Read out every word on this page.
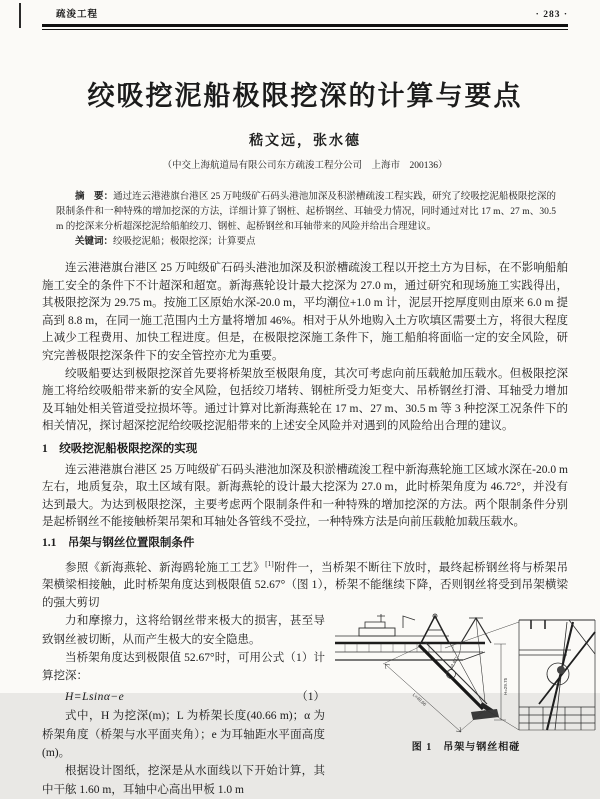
疏浚工程	· 283 ·
绞吸挖泥船极限挖深的计算与要点
嵇文远，张水德
（中交上海航道局有限公司东方疏浚工程分公司　上海市　200136）

摘　要：通过连云港港旗台港区 25 万吨级矿石码头港池加深及积淤槽疏浚工程实践，研究了绞吸挖泥船极限挖深的限制条件和一种特殊的增加挖深的方法，详细计算了钢桩、起桥钢丝、耳轴受力情况，同时通过对比 17 m、27 m、30.5 m 的挖深来分析超深挖泥给船舶绞刀、钢桩、起桥钢丝和耳轴带来的风险并给出合理建议。

关键词：绞吸挖泥船；极限挖深；计算要点

连云港港旗台港区 25 万吨级矿石码头港池加深及积淤槽疏浚工程以开挖土方为目标，在不影响船舶施工安全的条件下不计超深和超宽。新海燕轮设计最大挖深为 27.0 m，通过研究和现场施工实践得出，其极限挖深为 29.75 m。按施工区原始水深-20.0 m，平均潮位+1.0 m 计，泥层开挖厚度则由原来 6.0 m 提高到 8.8 m，在同一施工范围内土方量将增加 46%。相对于从外地购入土方吹填区需要土方，将很大程度上减少工程费用、加快工程进度。但是，在极限挖深施工条件下，施工船舶将面临一定的安全风险，研究完善极限挖深条件下的安全管控亦尤为重要。

绞吸船要达到极限挖深首先要将桥架放至极限角度，其次可考虑向前压载舱加压载水。但极限挖深施工将给绞吸船带来新的安全风险，包括绞刀堵转、钢桩所受力矩变大、吊桥钢丝打滑、耳轴受力增加及耳轴处相关管道受拉损坏等。通过计算对比新海燕轮在 17 m、27 m、30.5 m 等 3 种挖深工况条件下的相关情况，探讨超深挖泥给绞吸挖泥船带来的上述安全风险并对遇到的风险给出合理的建议。

1　绞吸挖泥船极限挖深的实现

连云港港旗台港区 25 万吨级矿石码头港池加深及积淤槽疏浚工程中新海燕轮施工区域水深在-20.0 m 左右，地质复杂，取土区域有限。新海燕轮的设计最大挖深为 27.0 m，此时桥架角度为 46.72°，并没有达到最大。为达到极限挖深，主要考虑两个限制条件和一种特殊的增加挖深的方法。两个限制条件分别是起桥钢丝不能接触桥架吊架和耳轴处各管线不受拉，一种特殊方法是向前压载舱加载压载水。

1.1　吊架与钢丝位置限制条件

参照《新海燕轮、新海鸥轮施工工艺》[1]附件一，当桥架不断往下放时，最终起桥钢丝将与桥架吊架横梁相接触，此时桥架角度达到极限值 52.67°（图 1），桥架不能继续下降，否则钢丝将受到吊架横梁的强大剪切

力和摩擦力，这将给钢丝带来极大的损害，甚至导致钢丝被切断，从而产生极大的安全隐患。

当桥架角度达到极限值 52.67°时，可用公式（1）计算挖深：

H=Lsinα−e	（1）

式中，H 为挖深(m)；L 为桥架长度(40.66 m)；α 为桥架角度（桥架与水平面夹角）；e 为耳轴距水平面高度(m)。

根据设计图纸，挖深是从水面线以下开始计算，其中干舷 1.60 m，耳轴中心高出甲板 1.0 m

L=40.66
52.67°
H=29.75
图 1　吊架与钢丝相碰
